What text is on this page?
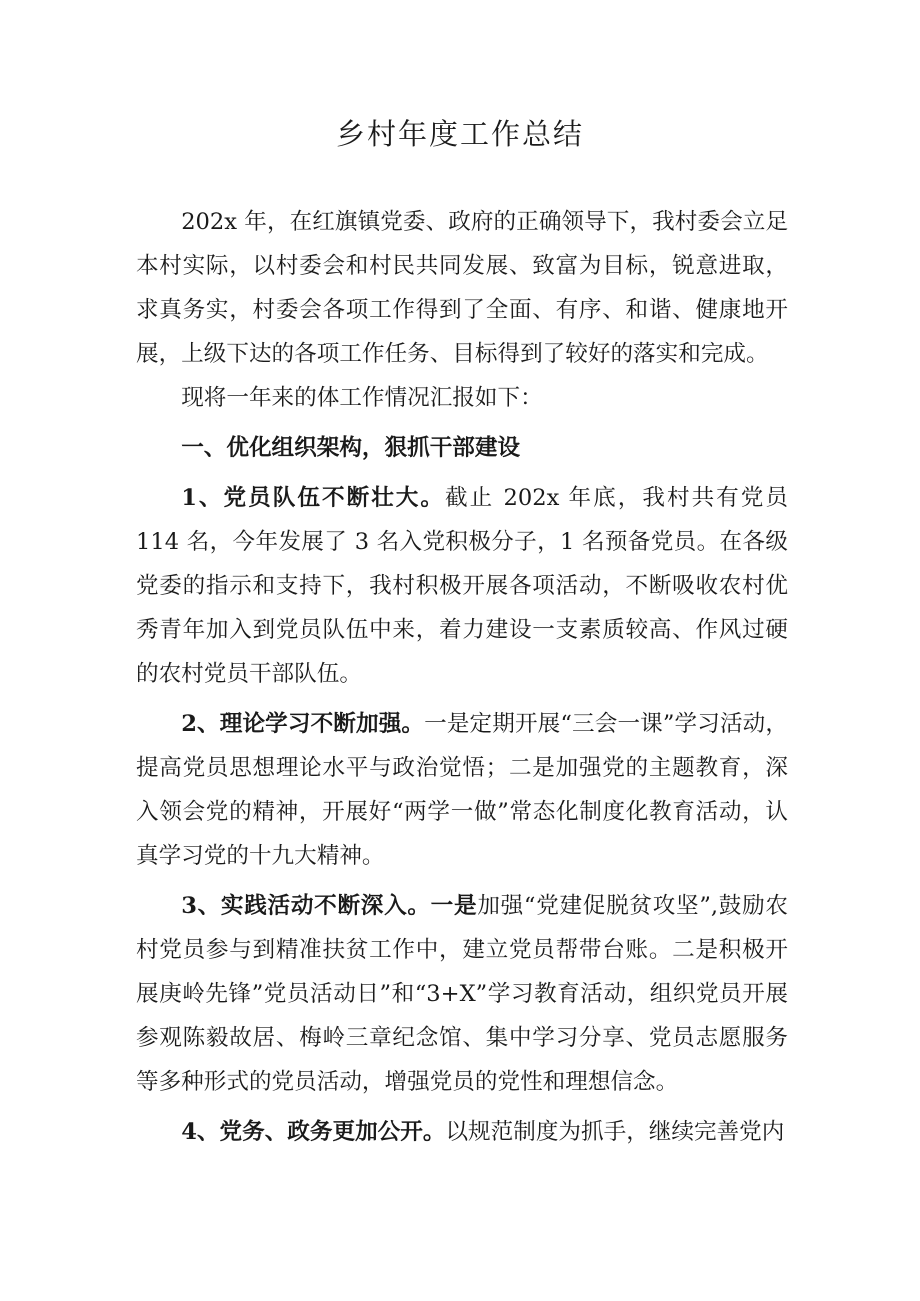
乡村年度工作总结

202x 年，在红旗镇党委、政府的正确领导下，我村委会立足本村实际，以村委会和村民共同发展、致富为目标，锐意进取，求真务实，村委会各项工作得到了全面、有序、和谐、健康地开展，上级下达的各项工作任务、目标得到了较好的落实和完成。

现将一年来的体工作情况汇报如下：

一、优化组织架构，狠抓干部建设

1、党员队伍不断壮大。截止 202x 年底，我村共有党员 114 名，今年发展了 3 名入党积极分子，1 名预备党员。在各级党委的指示和支持下，我村积极开展各项活动，不断吸收农村优秀青年加入到党员队伍中来，着力建设一支素质较高、作风过硬的农村党员干部队伍。

2、理论学习不断加强。一是定期开展“三会一课”学习活动，提高党员思想理论水平与政治觉悟；二是加强党的主题教育，深入领会党的精神，开展好“两学一做”常态化制度化教育活动，认真学习党的十九大精神。

3、实践活动不断深入。一是加强“党建促脱贫攻坚”,鼓励农村党员参与到精准扶贫工作中，建立党员帮带台账。二是积极开展庚岭先锋”党员活动日”和“3+X”学习教育活动，组织党员开展参观陈毅故居、梅岭三章纪念馆、集中学习分享、党员志愿服务等多种形式的党员活动，增强党员的党性和理想信念。

4、党务、政务更加公开。以规范制度为抓手，继续完善党内
